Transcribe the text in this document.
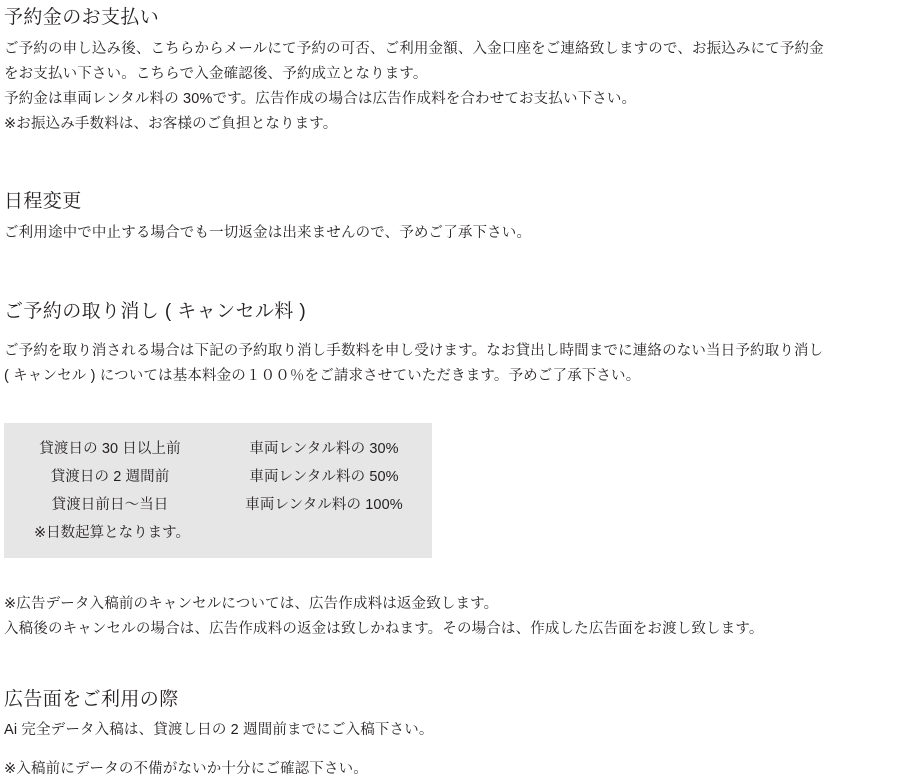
予約金のお支払い

ご予約の申し込み後、こちらからメールにて予約の可否、ご利用金額、入金口座をご連絡致しますので、お振込みにて予約金

をお支払い下さい。こちらで入金確認後、予約成立となります。

予約金は車両レンタル料の 30%です。広告作成の場合は広告作成料を合わせてお支払い下さい。

※お振込み手数料は、お客様のご負担となります。

日程変更

ご利用途中で中止する場合でも一切返金は出来ませんので、予めご了承下さい。

ご予約の取り消し ( キャンセル料 )

ご予約を取り消される場合は下記の予約取り消し手数料を申し受けます。なお貸出し時間までに連絡のない当日予約取り消し

( キャンセル ) については基本料金の１００％をご請求させていただきます。予めご了承下さい。

貸渡日の 30 日以上前	車両レンタル料の 30%
貸渡日の 2 週間前	車両レンタル料の 50%
貸渡日前日〜当日	車両レンタル料の 100%
※日数起算となります。

※広告データ入稿前のキャンセルについては、広告作成料は返金致します。

入稿後のキャンセルの場合は、広告作成料の返金は致しかねます。その場合は、作成した広告面をお渡し致します。

広告面をご利用の際

Ai 完全データ入稿は、貸渡し日の 2 週間前までにご入稿下さい。

※入稿前にデータの不備がないか十分にご確認下さい。
